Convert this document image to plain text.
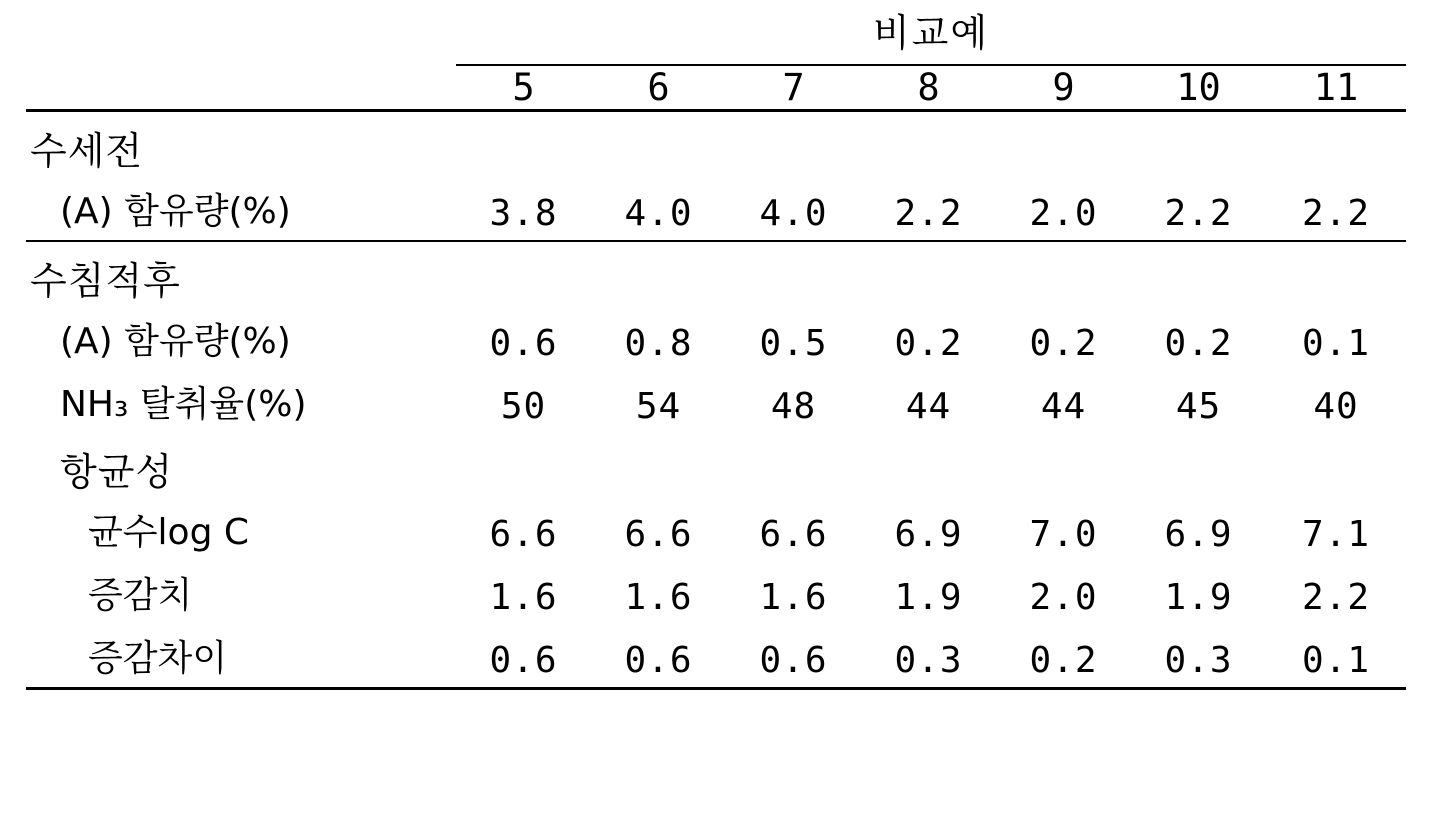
	비교예						

	5	6	7	8	9	10	11

수세전							
(A) 함유량(%)	3.8	4.0	4.0	2.2	2.0	2.2	2.2

수침적후							
(A) 함유량(%)	0.6	0.8	0.5	0.2	0.2	0.2	0.1
NH₃ 탈취율(%)	50	54	48	44	44	45	40
항균성							
균수log C	6.6	6.6	6.6	6.9	7.0	6.9	7.1
증감치	1.6	1.6	1.6	1.9	2.0	1.9	2.2
증감차이	0.6	0.6	0.6	0.3	0.2	0.3	0.1
